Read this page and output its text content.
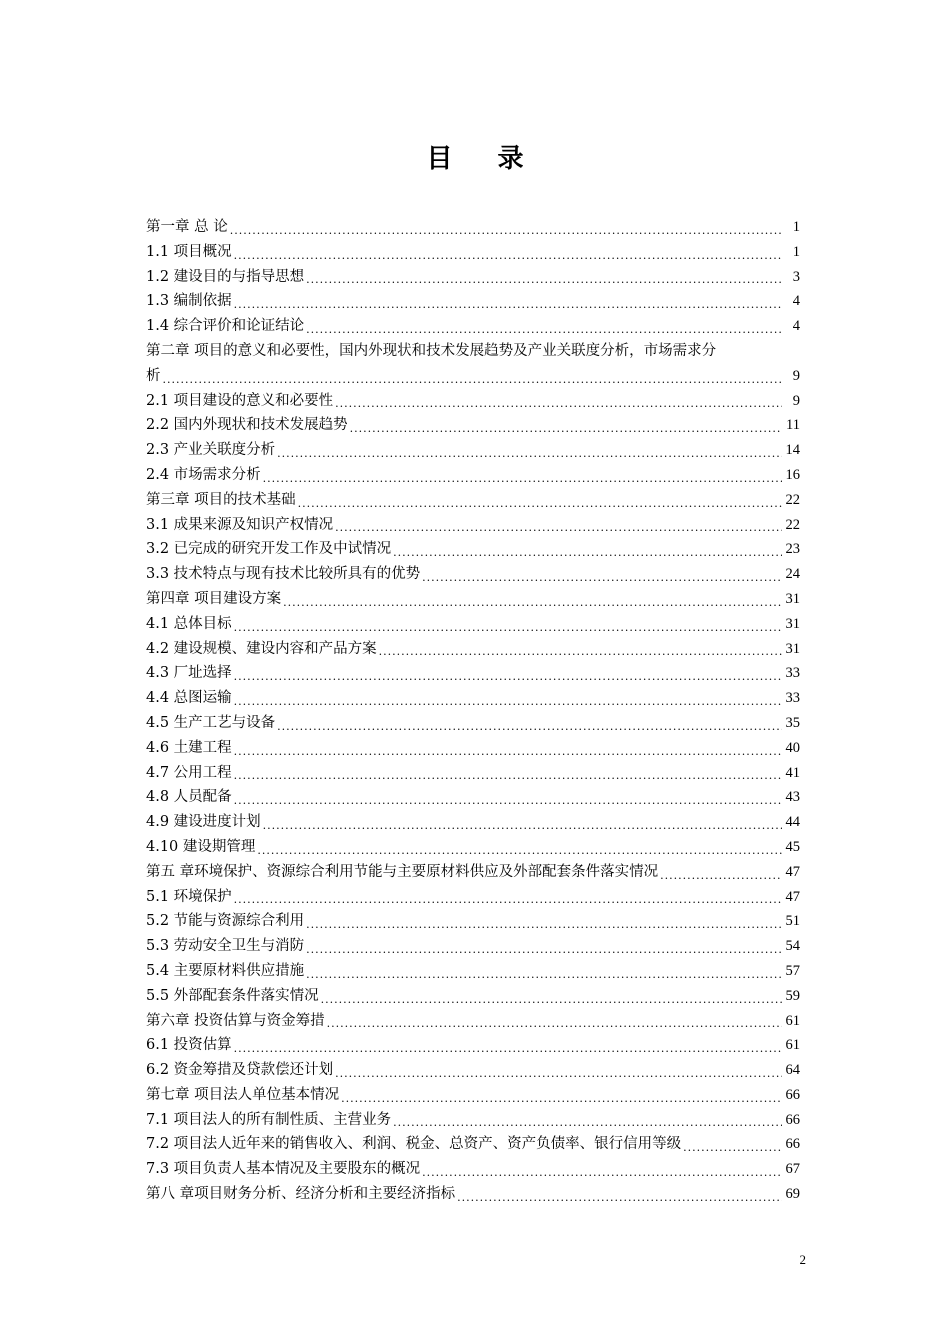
目 录
第一章 总 论 .....	1
1.1 项目概况 .....	1
1.2 建设目的与指导思想 .....	3
1.3 编制依据 .....	4
1.4 综合评价和论证结论 .....	4
第二章 项目的意义和必要性，国内外现状和技术发展趋势及产业关联度分析，市场需求分
析 .....	9
2.1 项目建设的意义和必要性 .....	9
2.2 国内外现状和技术发展趋势 .....	11
2.3 产业关联度分析 .....	14
2.4 市场需求分析 .....	16
第三章 项目的技术基础 .....	22
3.1 成果来源及知识产权情况 .....	22
3.2 已完成的研究开发工作及中试情况 .....	23
3.3 技术特点与现有技术比较所具有的优势 .....	24
第四章 项目建设方案 .....	31
4.1 总体目标 .....	31
4.2 建设规模、建设内容和产品方案 .....	31
4.3 厂址选择 .....	33
4.4 总图运输 .....	33
4.5 生产工艺与设备 .....	35
4.6 土建工程 .....	40
4.7 公用工程 .....	41
4.8 人员配备 .....	43
4.9 建设进度计划 .....	44
4.10 建设期管理 .....	45
第五 章环境保护、资源综合利用节能与主要原材料供应及外部配套条件落实情况 .....	47
5.1 环境保护 .....	47
5.2 节能与资源综合利用 .....	51
5.3 劳动安全卫生与消防 .....	54
5.4 主要原材料供应措施 .....	57
5.5 外部配套条件落实情况 .....	59
第六章 投资估算与资金筹措 .....	61
6.1 投资估算 .....	61
6.2 资金筹措及贷款偿还计划 .....	64
第七章 项目法人单位基本情况 .....	66
7.1 项目法人的所有制性质、主营业务 .....	66
7.2 项目法人近年来的销售收入、利润、税金、总资产、资产负债率、银行信用等级 .....	66
7.3 项目负责人基本情况及主要股东的概况 .....	67
第八 章项目财务分析、经济分析和主要经济指标 .....	69
2
